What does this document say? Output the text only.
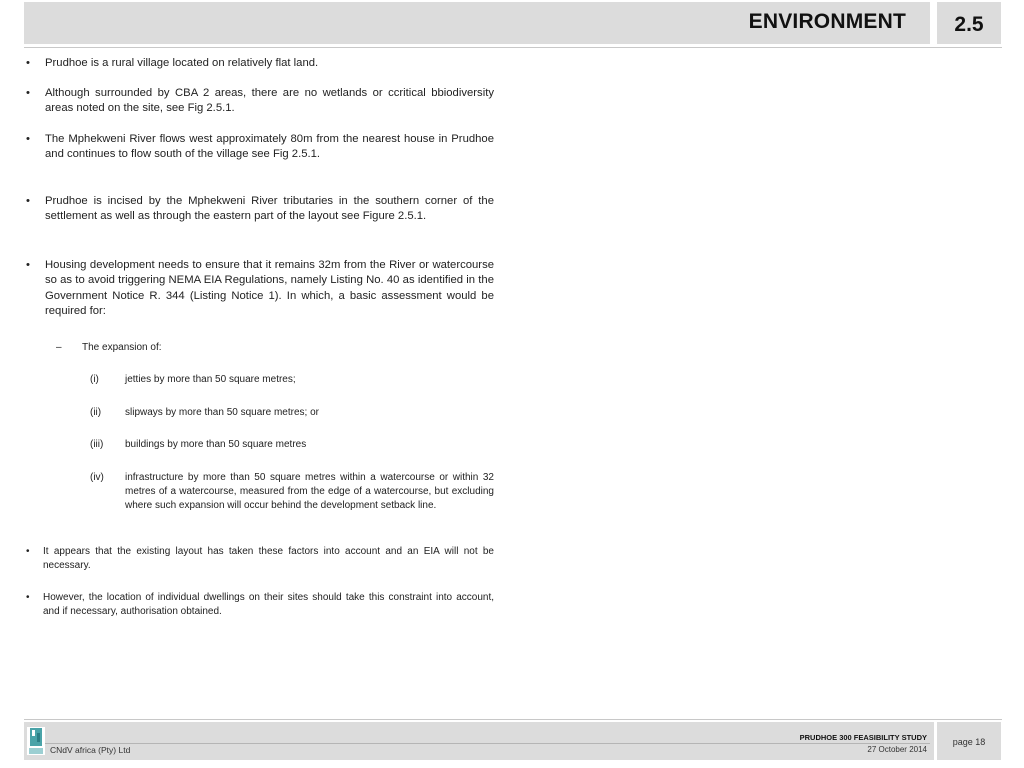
ENVIRONMENT	2.5
• Prudhoe is a rural village located on relatively flat land.
• Although surrounded by CBA 2 areas, there are no wetlands or ccritical bbiodiversity areas noted on the site, see Fig 2.5.1.
• The Mphekweni River flows west approximately 80m from the nearest house in Prudhoe and continues to flow south of the village see Fig 2.5.1.
• Prudhoe is incised by the Mphekweni River tributaries in the southern corner of the settlement as well as through the eastern part of the layout see Figure 2.5.1.
• Housing development needs to ensure that it remains 32m from the River or watercourse so as to avoid triggering NEMA EIA Regulations, namely Listing No. 40 as identified in the Government Notice R. 344 (Listing Notice 1). In which, a basic assessment would be required for:
– The expansion of:
(i)	jetties by more than 50 square metres;
(ii) slipways by more than 50 square metres; or
(iii) buildings by more than 50 square metres
(iv) infrastructure by more than 50 square metres within a watercourse or within 32 metres of a watercourse, measured from the edge of a watercourse, but excluding where such expansion will occur behind the development setback line.
• It appears that the existing layout has taken these factors into account and an EIA will not be necessary.
• However, the location of individual dwellings on their sites should take this constraint into account, and if necessary, authorisation obtained.
CNdV africa (Pty) Ltd
PRUDHOE 300 FEASIBILITY STUDY
27 October 2014
page 18
